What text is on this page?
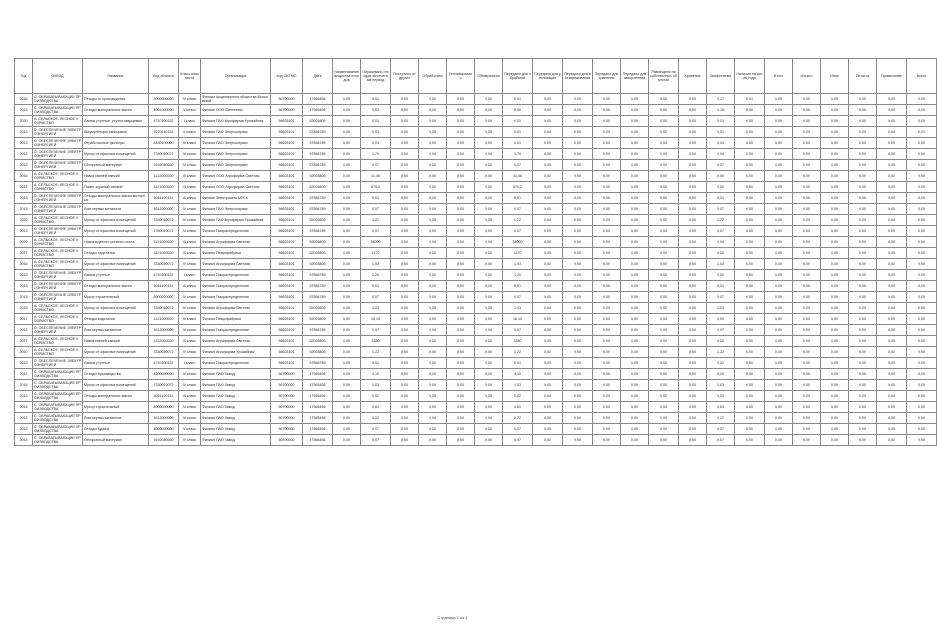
Год	ОКВЭД	Название	Код объекта	Класс опасности	Организация	Код ОКТМО	Дата	Наименование вещества отходов	Образовано отходов за отчетный период	Поступило от других	Обработано	Утилизировано	Обезврежено	Передано для обработки	Передано для утилизации	Передано для обезвреживания	Передано для хранения	Передано для захоронения	Размещено на собственных объектах	Хранение	Захоронение	Наличие на конец года	Итого	Изъято	Иное	Остаток	Примечание	Всего
2016	С. ОБРАБАТЫВАЮЩИЕ ПРОИЗВОДСТВА	Отходы от производства	3900000000	IV класс	Филиал Акционерного общества Московский	56700000	17565456	0,00	0,01	0,00	0,00	0,00	0,00	0,01	0,00	0,00	0,00	0,00	0,00	0,00	0,17	0,01	0,00	0,00	0,00	0,00	0,00	0,00
2015	С. ОБРАБАТЫВАЮЩИЕ ПРОИЗВОДСТВА	Отходы минеральных масел	4061000000	V класс	Филиал ООО Сантехник	56700000	17565456	0,00	1,03	0,00	0,00	0,00	0,00	0,00	0,00	0,00	0,00	0,00	0,00	0,00	1,16	0,00	0,00	0,00	0,00	0,00	0,00	0,00
2020	А. СЕЛЬСКОЕ, ЛЕСНОЕ ХОЗЯЙСТВО	Лампы ртутные, ртутно-кварцевые	4710100152	I класс	Филиал ПАО Агрофирма Урожайная	56625101	52025805	0,00	0,01	0,00	0,00	0,00	0,00	0,01	0,00	0,00	0,00	0,00	0,00	0,00	0,01	0,00	0,00	0,00	0,00	0,00	0,00	0,00
2013	D. ОБЕСПЕЧЕНИЕ ЭЛЕКТРОЭНЕРГИЕЙ	Аккумуляторы свинцовые	9220110153	II класс	Филиал ПАО Энергосервис	56625101	57856789	0,00	0,01	0,00	0,00	0,00	0,00	0,01	0,00	0,00	0,00	0,00	0,00	0,00	0,01	0,00	0,00	0,00	0,00	0,00	0,00	0,01
2013	D. ОБЕСПЕЧЕНИЕ ЭЛЕКТРОЭНЕРГИЕЙ	Отработанные фильтры	4430100000	III класс	Филиал ПАО Энергосервис	56625101	57856789	0,00	0,01	0,00	0,00	0,00	0,00	0,01	0,00	0,00	0,00	0,00	0,00	0,00	0,01	0,00	0,00	0,00	0,00	0,00	0,00	0,00
2013	D. ОБЕСПЕЧЕНИЕ ЭЛЕКТРОЭНЕРГИЕЙ	Мусор от офисных помещений	7330010072	IV класс	Филиал ПАО Энергосервис	56625101	57856789	0,00	1,70	0,00	0,00	0,00	0,00	1,70	0,00	0,00	0,00	0,00	0,00	0,00	0,00	0,00	0,00	0,00	0,00	0,00	0,00	0,00
2013	D. ОБЕСПЕЧЕНИЕ ЭЛЕКТРОЭНЕРГИЕЙ	Обтирочный материал	9192040260	IV класс	Филиал ПАО Энергосервис	56625101	57856789	0,00	0,07	0,00	0,00	0,00	0,00	0,07	0,00	0,00	0,00	0,00	0,00	0,00	0,07	0,00	0,00	0,00	0,00	0,00	0,00	0,00
2016	А. СЕЛЬСКОЕ, ЛЕСНОЕ ХОЗЯЙСТВО	Навоз свиней свежий	1122000000	III класс	Филиал ООО Агрофирма Светлая	56625101	52025805	0,00	41,46	0,00	0,00	0,00	0,00	41,46	0,00	0,00	0,00	0,00	0,00	0,00	0,00	0,00	0,00	0,00	0,00	0,00	0,00	0,00
2017	А. СЕЛЬСКОЕ, ЛЕСНОЕ ХОЗЯЙСТВО	Помет куриный свежий	1121000000	III класс	Филиал ООО Агрофирма Светлая	56625101	52025805	0,00	870,2	0,00	0,00	0,00	0,00	870,2	0,00	0,00	0,00	0,00	0,00	0,00	0,00	0,00	0,00	0,00	0,00	0,00	0,00	0,00
2013	D. ОБЕСПЕЧЕНИЕ ЭЛЕКТРОЭНЕРГИЕЙ	Отходы минеральных масел моторных	4061100131	III класс	Филиал Электросеть МРСК	56625101	57856789	0,00	0,01	0,00	0,00	0,00	0,00	0,01	0,00	0,00	0,00	0,00	0,00	0,00	0,01	0,00	0,00	0,00	0,00	0,00	0,00	0,00
2013	D. ОБЕСПЕЧЕНИЕ ЭЛЕКТРОЭНЕРГИЕЙ	Лом черных металлов	4612000000	IV класс	Филиал ПАО Энергосервис	56625101	57856789	0,00	0,07	0,00	0,00	0,00	0,00	0,07	0,00	0,00	0,00	0,00	0,00	0,00	0,07	0,00	0,00	0,00	0,00	0,00	0,00	0,00
2020	А. СЕЛЬСКОЕ, ЛЕСНОЕ ХОЗЯЙСТВО	Мусор от офисных помещений	7330010072	IV класс	Филиал ПАО Агрофирма Урожайная	56625101	52025805	0,00	1,22	0,00	0,00	0,00	0,00	1,22	0,00	0,00	0,00	0,00	0,00	0,00	1,22	0,00	0,00	0,00	0,00	0,00	0,00	0,00
2013	D. ОБЕСПЕЧЕНИЕ ЭЛЕКТРОЭНЕРГИЕЙ	Мусор от офисных помещений	7330010072	IV класс	Филиал Газораспределение	56625101	57856789	0,00	0,07	0,00	0,00	0,00	0,00	0,07	0,00	0,00	0,00	0,00	0,00	0,00	0,07	0,00	0,00	0,00	0,00	0,00	0,00	0,00
2020	А. СЕЛЬСКОЕ, ЛЕСНОЕ ХОЗЯЙСТВО	Навоз крупного рогатого скота	1121000000	III класс	Филиал Агрофирма Светлая	56625101	52025805	0,00	34000	0,00	0,00	0,00	0,00	34000	0,00	0,00	0,00	0,00	0,00	0,00	0,00	0,00	0,00	0,00	0,00	0,00	0,00	0,00
2017	А. СЕЛЬСКОЕ, ЛЕСНОЕ ХОЗЯЙСТВО	Отходы подстилки	1121000000	III класс	Филиал Птицефабрика	56625101	52025805	0,00	1470	0,00	0,00	0,00	0,00	1470	0,00	0,00	0,00	0,00	0,00	0,00	0,00	0,00	0,00	0,00	0,00	0,00	0,00	0,00
2016	А. СЕЛЬСКОЕ, ЛЕСНОЕ ХОЗЯЙСТВО	Мусор от офисных помещений	7330010072	IV класс	Филиал Агрофирма Светлая	56625101	52025805	0,00	1,03	0,00	0,00	0,00	0,00	1,03	0,00	0,00	0,00	0,00	0,00	0,00	1,03	0,00	0,00	0,00	0,00	0,00	0,00	0,00
2013	D. ОБЕСПЕЧЕНИЕ ЭЛЕКТРОЭНЕРГИЕЙ	Лампы ртутные	4710100152	I класс	Филиал Газораспределение	56625101	57856789	0,00	1,20	0,00	0,00	0,00	0,00	1,20	0,00	0,00	0,00	0,00	0,00	0,00	0,00	0,00	0,00	0,00	0,00	0,00	0,00	0,00
2013	D. ОБЕСПЕЧЕНИЕ ЭЛЕКТРОЭНЕРГИЕЙ	Отходы минеральных масел	4061100131	III класс	Филиал Газораспределение	56625101	57856789	0,00	0,01	0,00	0,00	0,00	0,00	0,01	0,00	0,00	0,00	0,00	0,00	0,00	0,01	0,00	0,00	0,00	0,00	0,00	0,00	0,00
2013	D. ОБЕСПЕЧЕНИЕ ЭЛЕКТРОЭНЕРГИЕЙ	Мусор строительный	8900000000	IV класс	Филиал Газораспределение	56625101	57856789	0,00	0,07	0,00	0,00	0,00	0,00	0,07	0,00	0,00	0,00	0,00	0,00	0,00	0,07	0,00	0,00	0,00	0,00	0,00	0,00	0,00
2016	А. СЕЛЬСКОЕ, ЛЕСНОЕ ХОЗЯЙСТВО	Мусор от офисных помещений	7330010072	IV класс	Филиал Агрофирма Светлая	56625101	52025805	0,00	1,03	0,00	0,00	0,00	0,00	1,03	0,00	0,00	0,00	0,00	0,00	0,00	1,03	0,00	0,00	0,00	0,00	0,00	0,00	0,00
2017	А. СЕЛЬСКОЕ, ЛЕСНОЕ ХОЗЯЙСТВО	Отходы подстилки	1121000000	III класс	Филиал Птицефабрика	56625101	52025805	0,00	16,10	0,00	0,00	0,00	0,00	16,10	0,00	0,00	0,00	0,00	0,00	0,00	0,00	0,00	0,00	0,00	0,00	0,00	0,00	0,00
2013	D. ОБЕСПЕЧЕНИЕ ЭЛЕКТРОЭНЕРГИЕЙ	Лом черных металлов	4612000000	IV класс	Филиал Газораспределение	56625101	57856789	0,00	0,07	0,00	0,00	0,00	0,00	0,07	0,00	0,00	0,00	0,00	0,00	0,00	0,07	0,00	0,00	0,00	0,00	0,00	0,00	0,00
2017	А. СЕЛЬСКОЕ, ЛЕСНОЕ ХОЗЯЙСТВО	Навоз свиней свежий	1122000000	III класс	Филиал Агрофирма Светлая	56625101	52025805	0,00	2380	0,00	0,00	0,00	0,00	2380	0,00	0,00	0,00	0,00	0,00	0,00	0,00	0,00	0,00	0,00	0,00	0,00	0,00	0,00
2020	А. СЕЛЬСКОЕ, ЛЕСНОЕ ХОЗЯЙСТВО	Мусор от офисных помещений	7330010072	IV класс	Филиал Агрофирма Урожайная	56625101	52025805	0,00	1,22	0,00	0,00	0,00	0,00	1,22	0,00	0,00	0,00	0,00	0,00	0,00	1,22	0,00	0,00	0,00	0,00	0,00	0,00	0,00
2013	D. ОБЕСПЕЧЕНИЕ ЭЛЕКТРОЭНЕРГИЕЙ	Лампы ртутные	4710100152	I класс	Филиал Газораспределение	56625101	57856789	0,00	0,01	0,00	0,00	0,00	0,00	0,01	0,00	0,00	0,00	0,00	0,00	0,00	0,01	0,00	0,00	0,00	0,00	0,00	0,00	0,00
2017	С. ОБРАБАТЫВАЮЩИЕ ПРОИЗВОДСТВА	Отходы производства	4300000000	IV класс	Филиал ПАО Завод	56700000	17565456	0,00	4,10	0,00	0,00	0,00	0,00	4,10	0,00	0,00	0,00	0,00	0,00	0,00	0,00	0,00	0,00	0,00	0,00	0,00	0,00	0,00
2016	С. ОБРАБАТЫВАЮЩИЕ ПРОИЗВОДСТВА	Мусор от офисных помещений	7330010072	IV класс	Филиал ПАО Завод	56700000	17565456	0,00	1,03	0,00	0,00	0,00	0,00	1,03	0,00	0,00	0,00	0,00	0,00	0,00	1,03	0,00	0,00	0,00	0,00	0,00	0,00	0,00
2013	С. ОБРАБАТЫВАЮЩИЕ ПРОИЗВОДСТВА	Отходы минеральных масел	4061100131	III класс	Филиал ПАО Завод	56700000	17565456	0,00	0,02	0,00	0,00	0,00	0,00	0,02	0,00	0,00	0,00	0,00	0,00	0,00	0,02	0,00	0,00	0,00	0,00	0,00	0,00	0,00
2016	С. ОБРАБАТЫВАЮЩИЕ ПРОИЗВОДСТВА	Мусор строительный	8900000000	IV класс	Филиал ПАО Завод	56700000	17565456	0,00	0,61	0,00	0,00	0,00	0,00	0,61	0,00	0,00	0,00	0,00	0,00	0,00	0,61	0,00	0,00	0,00	0,00	0,00	0,00	0,00
2013	С. ОБРАБАТЫВАЮЩИЕ ПРОИЗВОДСТВА	Лом черных металлов	4612000000	IV класс	Филиал ПАО Завод	56700000	17565456	0,00	0,22	0,00	0,00	0,00	0,00	0,22	0,00	0,00	0,00	0,00	0,00	0,00	0,22	0,00	0,00	0,00	0,00	0,00	0,00	0,00
2013	С. ОБРАБАТЫВАЮЩИЕ ПРОИЗВОДСТВА	Отходы бумаги	4050000000	V класс	Филиал ПАО Завод	56700000	17565456	0,00	0,07	0,00	0,00	0,00	0,00	0,07	0,00	0,00	0,00	0,00	0,00	0,00	0,07	0,00	0,00	0,00	0,00	0,00	0,00	0,00
2013	С. ОБРАБАТЫВАЮЩИЕ ПРОИЗВОДСТВА	Обтирочный материал	9192040260	IV класс	Филиал ПАО Завод	56700000	17565456	0,00	0,07	0,00	0,00	0,00	0,00	0,07	0,00	0,00	0,00	0,00	0,00	0,00	0,07	0,00	0,00	0,00	0,00	0,00	0,00	0,00
Страница 1 из 1
